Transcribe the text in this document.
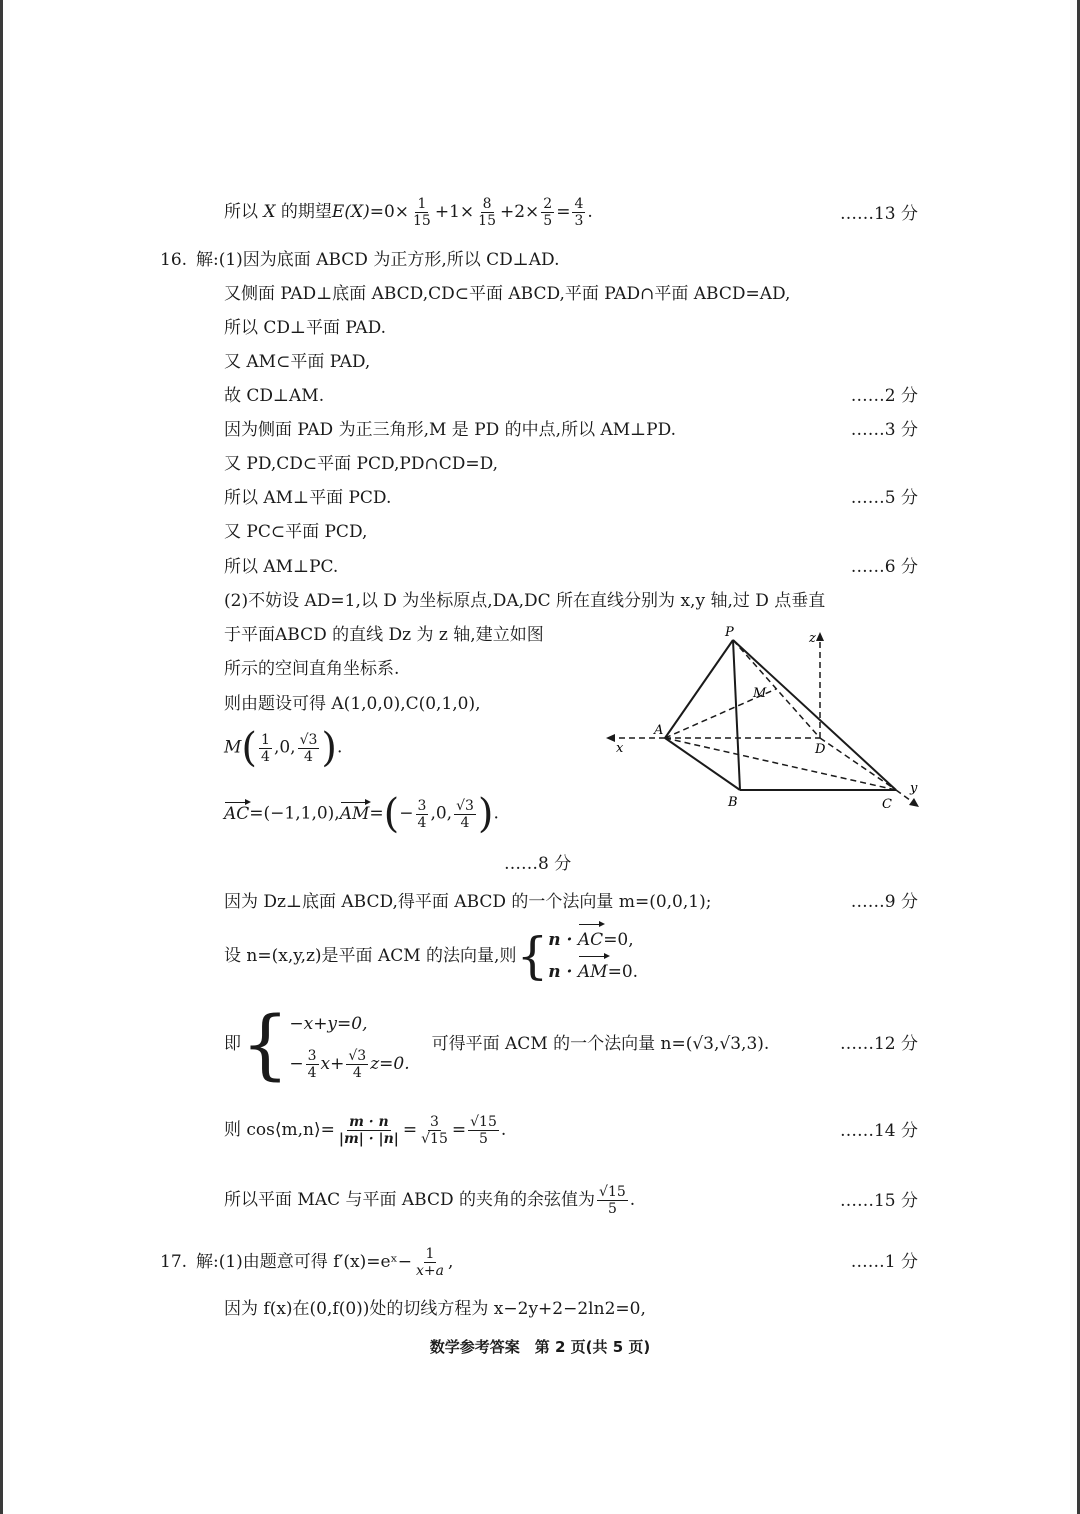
所以 X 的期望$E(X)=0\times \frac{1}{15} +1\times \frac{8}{15} +2\times \frac{2}{5} = \frac{4}{3}$ .	……13 分
16. 解:(1)因为底面 ABCD 为正方形,所以 CD⊥AD.
又侧面 PAD⊥底面 ABCD,CD⊂平面 ABCD,平面 PAD∩平面 ABCD=AD,
所以 CD⊥平面 PAD.
又 AM⊂平面 PAD,
故 CD⊥AM.	……2 分
因为侧面 PAD 为正三角形,M 是 PD 的中点,所以 AM⊥PD.	……3 分
又 PD,CD⊂平面 PCD,PD∩CD=D,
所以 AM⊥平面 PCD.	……5 分
又 PC⊂平面 PCD,
所以 AM⊥PC.	……6 分
(2)不妨设 AD=1,以 D 为坐标原点,DA,DC 所在直线分别为 x,y 轴,过 D 点垂直
于平面ABCD 的直线 Dz 为 z 轴,建立如图
所示的空间直角坐标系.
则由题设可得 A(1,0,0),C(0,1,0),
$M( \frac{1}{4} ,0$, $\frac{√3}{4}$ ).
$AC=(-1,1,0),AM=(- \frac{3}{4} ,0$, $\frac{√3}{4}$ ).
……8 分
因为 Dz⊥底面 ABCD,得平面 ABCD 的一个法向量 m=(0,0,1);	……9 分
设 n=(x,y,z)是平面 ACM 的法向量,则 { n · AC=0,
n · AM=0.
即 { −x+y=0,
− $\frac{3}{4} x+ \frac{√3}{4} z=0$.
可得平面 ACM 的一个法向量 n=(√3,√3,3).	……12 分
则 cos⟨m,n⟩= $\frac{m \cdot n}{|m| \cdot |n|} = \frac{3}{√15} = \frac{√15}{5}$ .	……14 分
所以平面 MAC 与平面 ABCD 的夹角的余弦值为 $\frac{√15}{5}$ .	……15 分
17. 解:(1)由题意可得 f′(x)=eˣ− $\frac{1}{x+a}$ ,	……1 分
因为 f(x)在(0,f(0))处的切线方程为 x−2y+2−2ln2=0,
P
M
A
D
B	C
x
y
z
数学参考答案　第 2 页(共 5 页)
